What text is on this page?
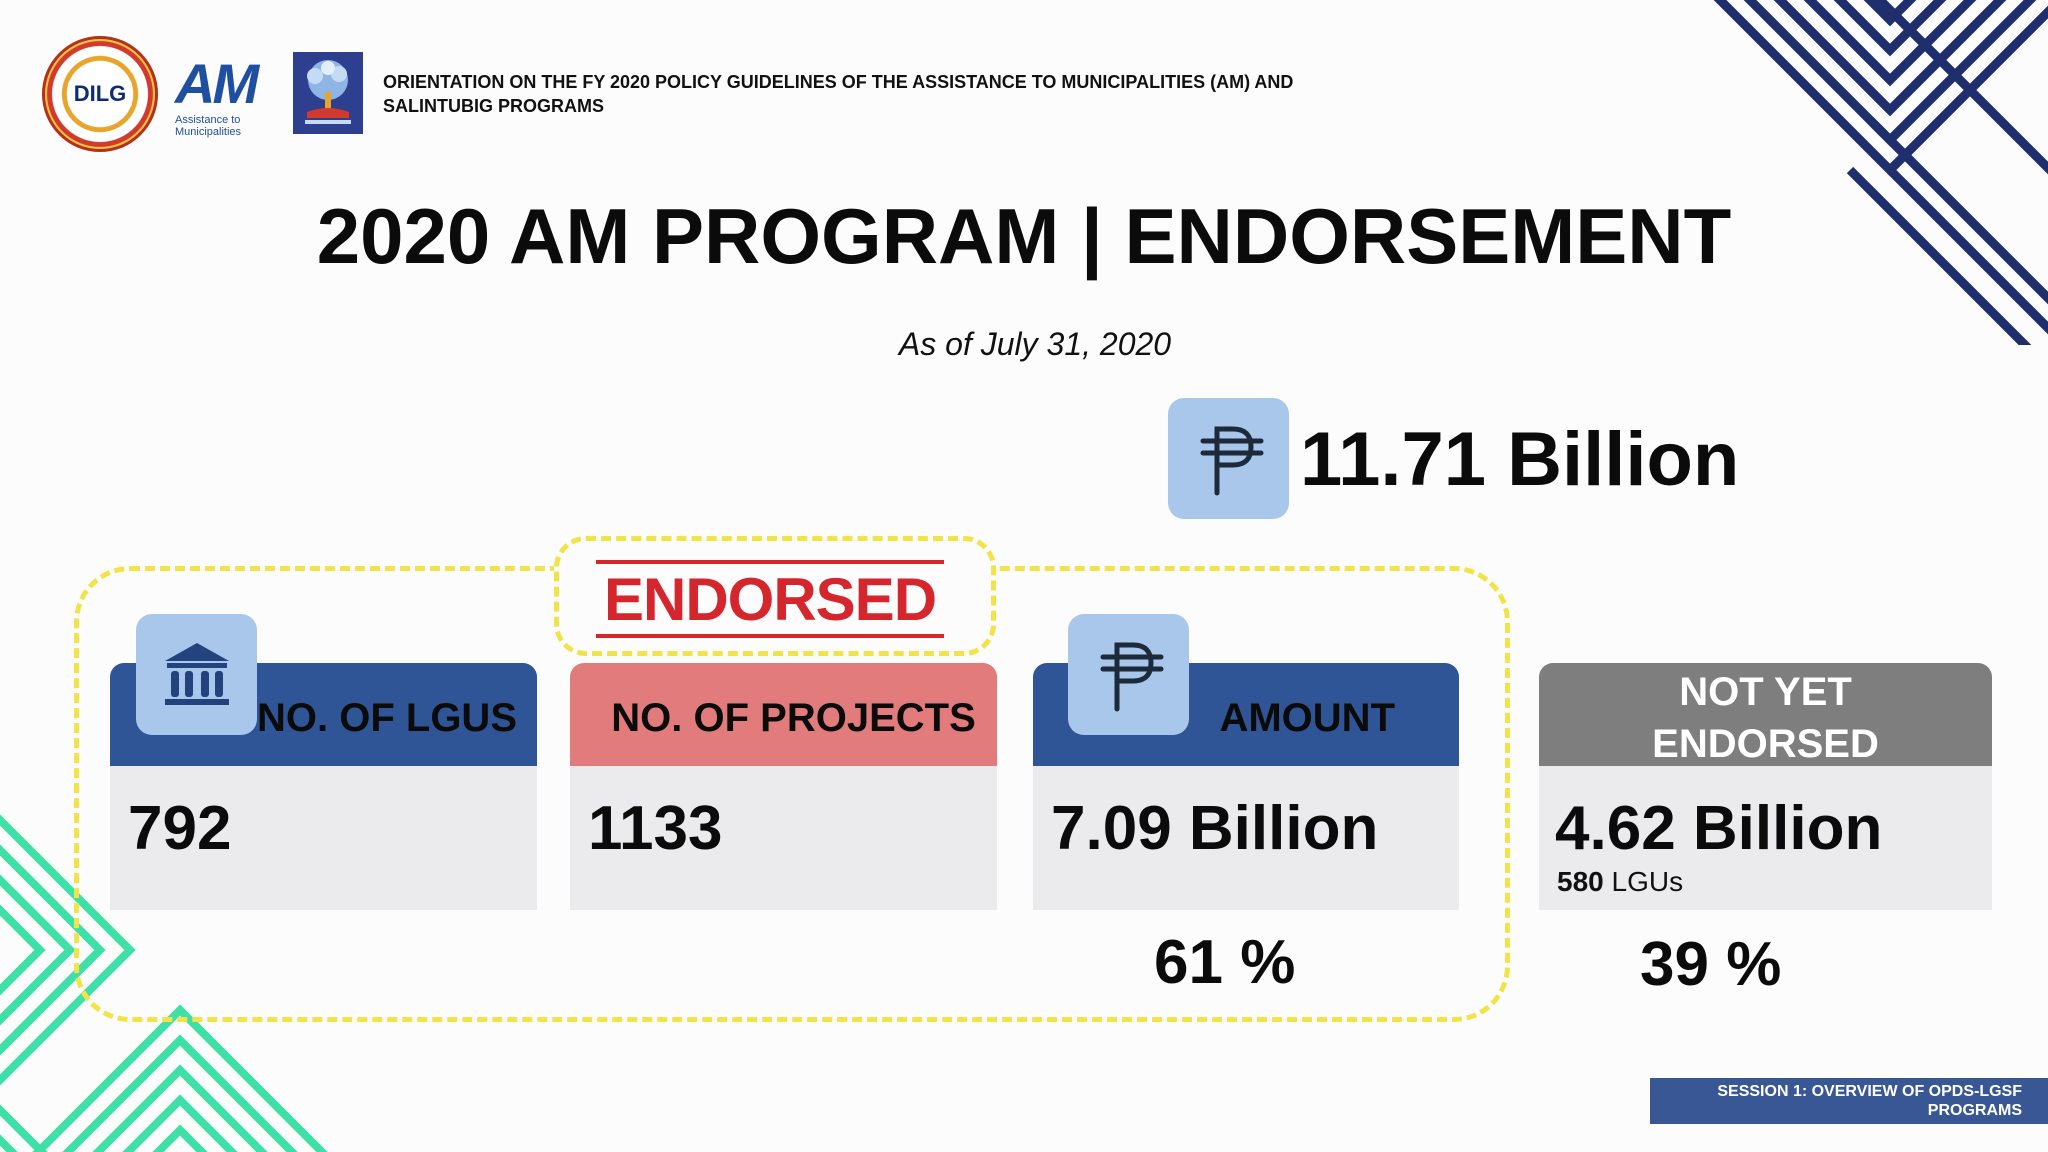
DILG AM
Assistance to Municipalities
ORIENTATION ON THE FY 2020 POLICY GUIDELINES OF THE ASSISTANCE TO MUNICIPALITIES (AM) AND SALINTUBIG PROGRAMS
2020 AM PROGRAM | ENDORSEMENT
As of July 31, 2020
11.71 Billion
ENDORSED
NO. OF LGUS
792
NO. OF PROJECTS
1133
AMOUNT
7.09 Billion
61 %
NOT YET ENDORSED
4.62 Billion
580 LGUs
39 %
SESSION 1: OVERVIEW OF OPDS-LGSF PROGRAMS
